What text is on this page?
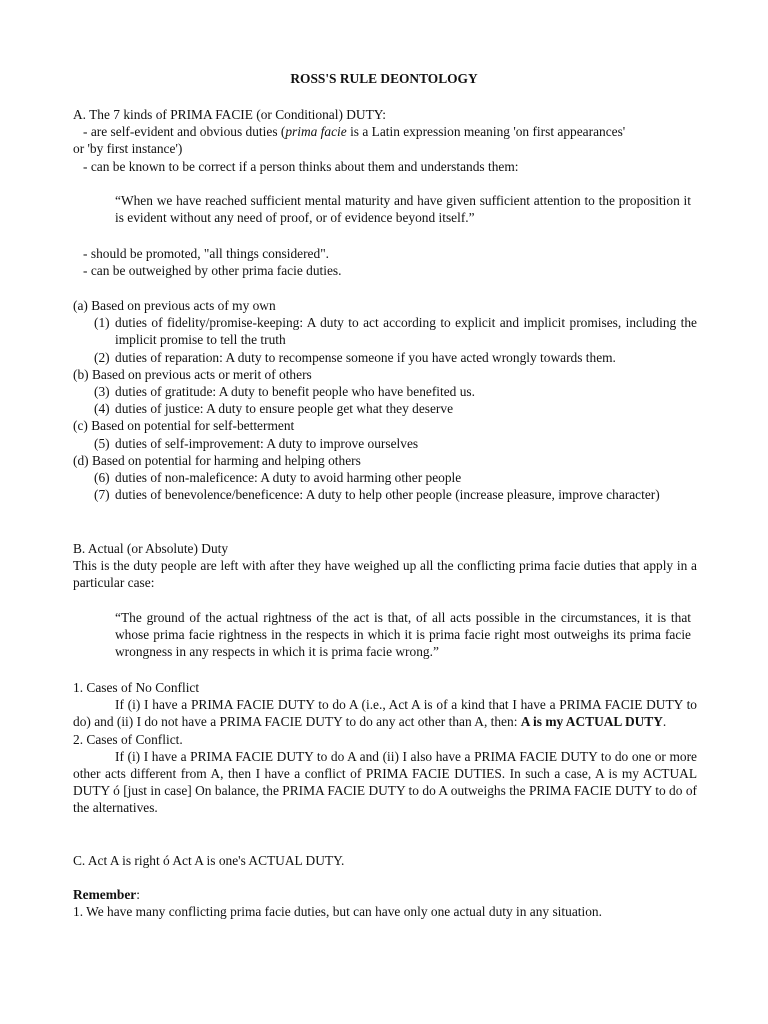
ROSS'S RULE DEONTOLOGY
A. The 7 kinds of PRIMA FACIE (or Conditional) DUTY:
- are self-evident and obvious duties (prima facie is a Latin expression meaning 'on first appearances'
or 'by first instance')
- can be known to be correct if a person thinks about them and understands them:
“When we have reached sufficient mental maturity and have given sufficient attention to the proposition it is evident without any need of proof, or of evidence beyond itself.”
- should be promoted, "all things considered".
- can be outweighed by other prima facie duties.
(a) Based on previous acts of my own
(1) duties of fidelity/promise-keeping: A duty to act according to explicit and implicit promises, including the implicit promise to tell the truth
(2) duties of reparation: A duty to recompense someone if you have acted wrongly towards them.
(b) Based on previous acts or merit of others
(3) duties of gratitude: A duty to benefit people who have benefited us.
(4) duties of justice: A duty to ensure people get what they deserve
(c) Based on potential for self-betterment
(5) duties of self-improvement: A duty to improve ourselves
(d) Based on potential for harming and helping others
(6) duties of non-maleficence: A duty to avoid harming other people
(7) duties of benevolence/beneficence: A duty to help other people (increase pleasure, improve character)
B. Actual (or Absolute) Duty
This is the duty people are left with after they have weighed up all the conflicting prima facie duties that apply in a particular case:
“The ground of the actual rightness of the act is that, of all acts possible in the circumstances, it is that whose prima facie rightness in the respects in which it is prima facie right most outweighs its prima facie wrongness in any respects in which it is prima facie wrong.”
1. Cases of No Conflict
If (i) I have a PRIMA FACIE DUTY to do A (i.e., Act A is of a kind that I have a PRIMA FACIE DUTY to do) and (ii) I do not have a PRIMA FACIE DUTY to do any act other than A, then: A is my ACTUAL DUTY.
2. Cases of Conflict.
If (i) I have a PRIMA FACIE DUTY to do A and (ii) I also have a PRIMA FACIE DUTY to do one or more other acts different from A, then I have a conflict of PRIMA FACIE DUTIES. In such a case, A is my ACTUAL DUTY ó [just in case] On balance, the PRIMA FACIE DUTY to do A outweighs the PRIMA FACIE DUTY to do of the alternatives.
C. Act A is right ó Act A is one's ACTUAL DUTY.
Remember:
1. We have many conflicting prima facie duties, but can have only one actual duty in any situation.
